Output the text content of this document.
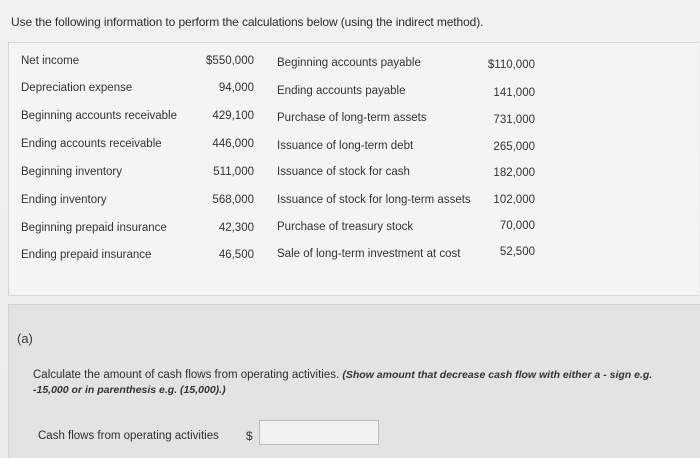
Use the following information to perform the calculations below (using the indirect method).
Net income
Depreciation expense
Beginning accounts receivable
Ending accounts receivable
Beginning inventory
Ending inventory
Beginning prepaid insurance
Ending prepaid insurance
$550,000
94,000
429,100
446,000
511,000
568,000
42,300
46,500
Beginning accounts payable
Ending accounts payable
Purchase of long-term assets
Issuance of long-term debt
Issuance of stock for cash
Issuance of stock for long-term assets
Purchase of treasury stock
Sale of long-term investment at cost
$110,000
141,000
731,000
265,000
182,000
102,000
70,000
52,500
(a)
Calculate the amount of cash flows from operating activities. (Show amount that decrease cash flow with either a - sign e.g. -15,000 or in parenthesis e.g. (15,000).)
Cash flows from operating activities $
